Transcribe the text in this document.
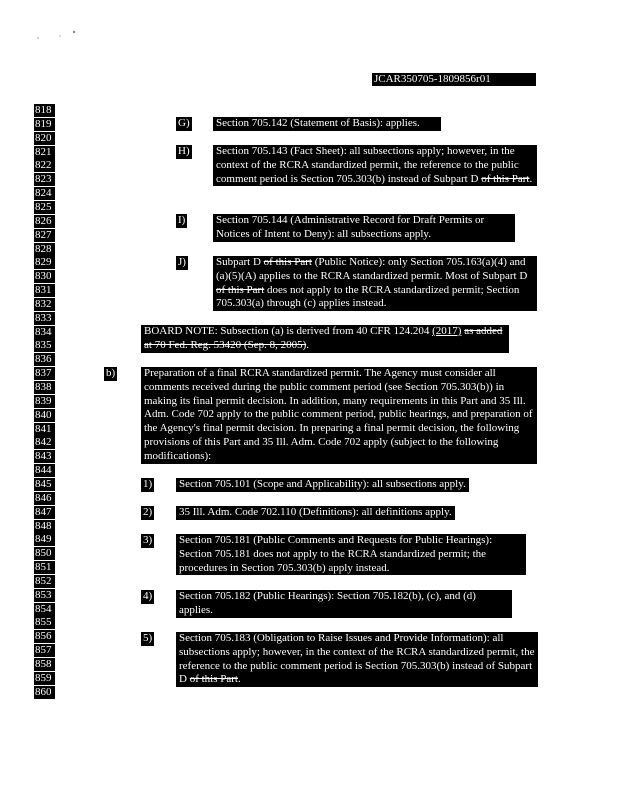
JCAR350705-1809856r01
818
819
820
821
822
823
824
825
826
827
828
829
830
831
832
833
834
835
836
837
838
839
840
841
842
843
844
845
846
847
848
849
850
851
852
853
854
855
856
857
858
859
860
G) Section 705.142 (Statement of Basis): applies.
H) Section 705.143 (Fact Sheet): all subsections apply; however, in the context of the RCRA standardized permit, the reference to the public comment period is Section 705.303(b) instead of Subpart D of this Part.
I)	Section 705.144 (Administrative Record for Draft Permits or Notices of Intent to Deny): all subsections apply.
J)	Subpart D of this Part (Public Notice): only Section 705.163(a)(4) and (a)(5)(A) applies to the RCRA standardized permit. Most of Subpart D of this Part does not apply to the RCRA standardized permit; Section 705.303(a) through (c) applies instead.
BOARD NOTE: Subsection (a) is derived from 40 CFR 124.204 (2017) as added at 70 Fed. Reg. 53420 (Sep. 8, 2005).
b)	Preparation of a final RCRA standardized permit. The Agency must consider all comments received during the public comment period (see Section 705.303(b)) in making its final permit decision. In addition, many requirements in this Part and 35 Ill. Adm. Code 702 apply to the public comment period, public hearings, and preparation of the Agency's final permit decision. In preparing a final permit decision, the following provisions of this Part and 35 Ill. Adm. Code 702 apply (subject to the following modifications):
1) Section 705.101 (Scope and Applicability): all subsections apply.
2) 35 Ill. Adm. Code 702.110 (Definitions): all definitions apply.
3) Section 705.181 (Public Comments and Requests for Public Hearings): Section 705.181 does not apply to the RCRA standardized permit; the procedures in Section 705.303(b) apply instead.
4) Section 705.182 (Public Hearings): Section 705.182(b), (c), and (d) applies.
5) Section 705.183 (Obligation to Raise Issues and Provide Information): all subsections apply; however, in the context of the RCRA standardized permit, the reference to the public comment period is Section 705.303(b) instead of Subpart D of this Part.
